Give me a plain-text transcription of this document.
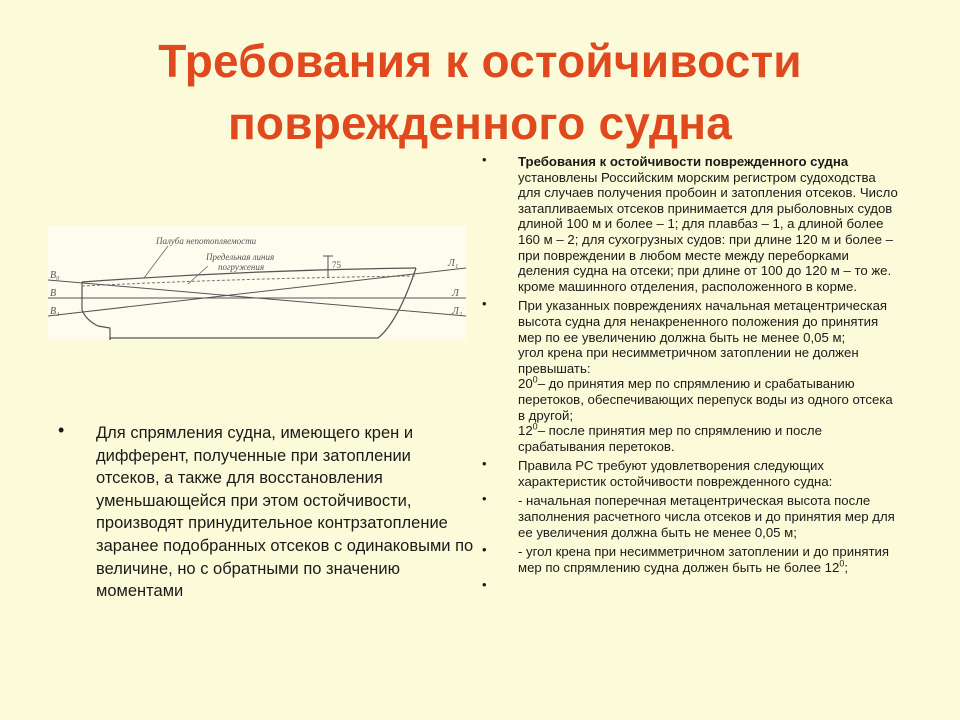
Требования к остойчивости
поврежденного судна
Палуба непотопляемости
Предельная линия
погружения	75
B₀
B
B₁
Л₁
Л
Л₂
• Для спрямления судна, имеющего крен и дифферент, полученные при затоплении отсеков, а также для восстановления уменьшающейся при этом остойчивости, производят принудительное контрзатопление заранее подобранных отсеков с одинаковыми по величине, но с обратными по значению моментами

• Требования к остойчивости поврежденного судна установлены Российским морским регистром судоходства для случаев получения пробоин и затопления отсеков. Число затапливаемых отсеков принимается для рыболовных судов длиной 100 м и более – 1; для плавбаз – 1, а длиной более 160 м – 2; для сухогрузных судов: при длине 120 м и более – при повреждении в любом месте между переборками деления судна на отсеки; при длине от 100 до 120 м – то же. кроме машинного отделения, расположенного в корме.

• При указанных повреждениях начальная метацентрическая высота судна для ненакрененного положения до принятия мер по ее увеличению должна быть не менее 0,05 м;
угол крена при несимметричном затоплении не должен превышать:
$20^0-$ до принятия мер по спрямлению и срабатыванию перетоков, обеспечивающих перепуск воды из одного отсека в другой;
$12^0-$ после принятия мер по спрямлению и после срабатывания перетоков.

• Правила РС требуют удовлетворения следующих характеристик остойчивости поврежденного судна:

• - начальная поперечная метацентрическая высота после заполнения расчетного числа отсеков и до принятия мер для ее увеличения должна быть не менее 0,05 м;

• - угол крена при несимметричном затоплении и до принятия мер по спрямлению судна должен быть не более $12^0$;

•
